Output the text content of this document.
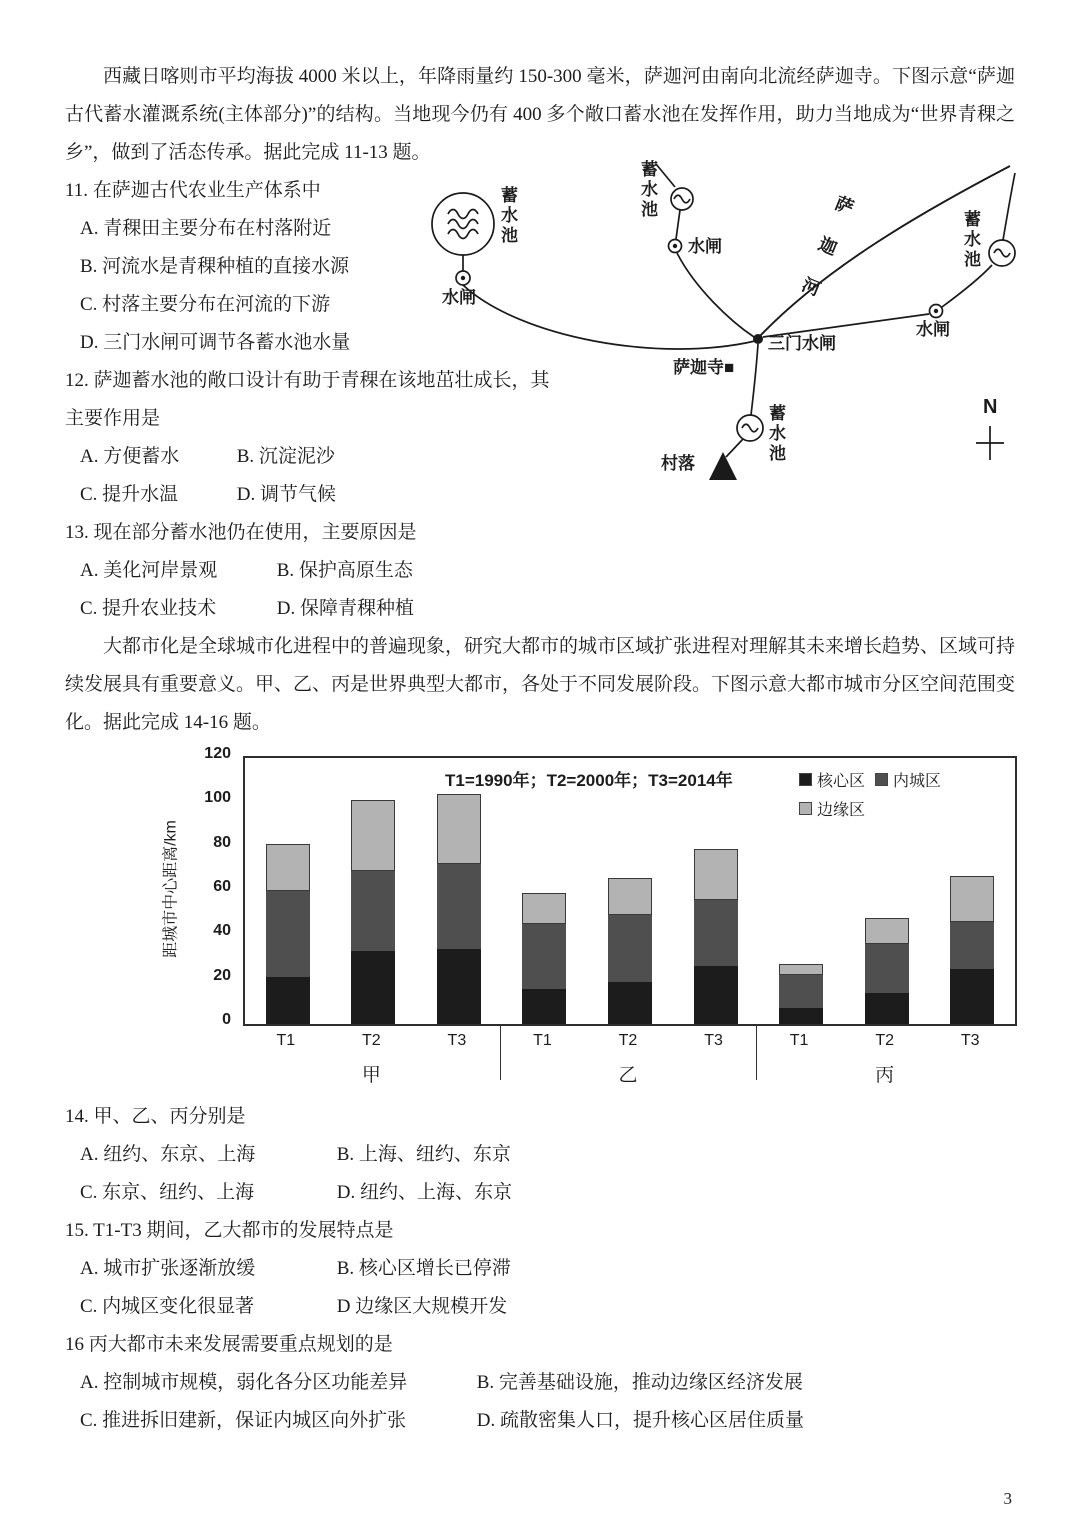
西藏日喀则市平均海拔 4000 米以上，年降雨量约 150-300 毫米，萨迦河由南向北流经萨迦寺。下图示意“萨迦古代蓄水灌溉系统(主体部分)”的结构。当地现今仍有 400 多个敞口蓄水池在发挥作用，助力当地成为“世界青稞之乡”，做到了活态传承。据此完成 11-13 题。

蓄水池
水闸
蓄水池
水闸	萨迦河
三门水闸
萨迦寺■
蓄水池
村落
蓄水池
水闸
N
11. 在萨迦古代农业生产体系中
A. 青稞田主要分布在村落附近
B. 河流水是青稞种植的直接水源
C. 村落主要分布在河流的下游
D. 三门水闸可调节各蓄水池水量
12. 萨迦蓄水池的敞口设计有助于青稞在该地茁壮成长，其主要作用是
A. 方便蓄水	B. 沉淀泥沙
C. 提升水温	D. 调节气候
13. 现在部分蓄水池仍在使用，主要原因是
A. 美化河岸景观	B. 保护高原生态
C. 提升农业技术	D. 保障青稞种植

大都市化是全球城市化进程中的普遍现象，研究大都市的城市区域扩张进程对理解其未来增长趋势、区域可持续发展具有重要意义。甲、乙、丙是世界典型大都市，各处于不同发展阶段。下图示意大都市城市分区空间范围变化。据此完成 14-16 题。

距城市中心距离/km
0
20
40
60
80
100
120
T1=1990年；T2=2000年；T3=2014年	核心区 内城区
边缘区
T1	T2	T3	T1	T2	T3	T1	T2	T3
甲	乙	丙
14. 甲、乙、丙分别是
A. 纽约、东京、上海	B. 上海、纽约、东京
C. 东京、纽约、上海	D. 纽约、上海、东京
15. T1-T3 期间，乙大都市的发展特点是
A. 城市扩张逐渐放缓	B. 核心区增长已停滞
C. 内城区变化很显著	D 边缘区大规模开发
16 丙大都市未来发展需要重点规划的是
A. 控制城市规模，弱化各分区功能差异	B. 完善基础设施，推动边缘区经济发展
C. 推进拆旧建新，保证内城区向外扩张	D. 疏散密集人口，提升核心区居住质量
3
